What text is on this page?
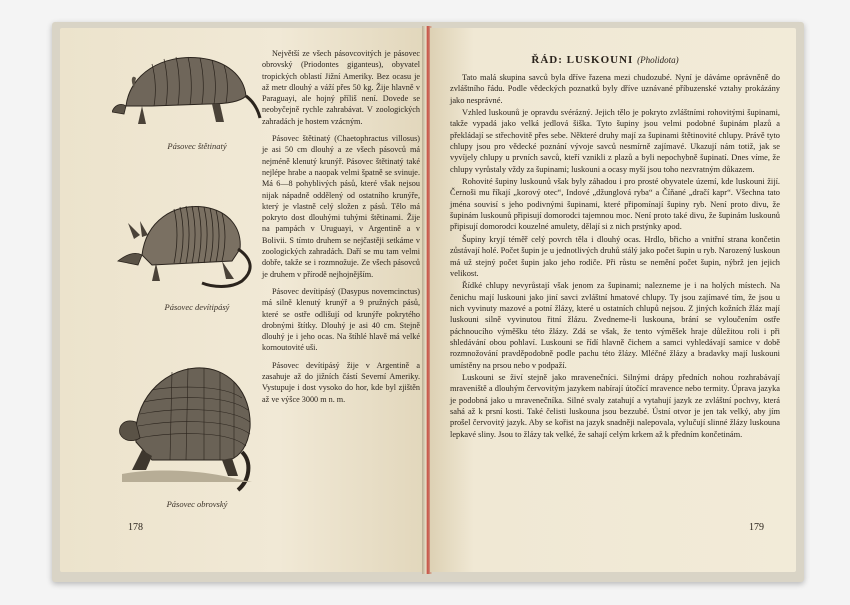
Pásovec štětinatý
Pásovec devítipásý
Pásovec obrovský

Největší ze všech pásovcovitých je pásovec obrovský (Priodontes giganteus), obyvatel tropických oblastí Jižní Ameriky. Bez ocasu je až metr dlouhý a váží přes 50 kg. Žije hlavně v Paraguayi, ale hojný příliš není. Dovede se neobyčejně rychle zahrabávat. V zoologických zahradách je hostem vzácným.

Pásovec štětinatý (Chaetophractus villosus) je asi 50 cm dlouhý a ze všech pásovců má nejméně klenutý krunýř. Pásovec štětinatý také nejlépe hrabe a naopak velmi špatně se svinuje. Má 6—8 pohyblivých pásů, které však nejsou nijak nápadně oddělený od ostatního krunýře, který je vlastně celý složen z pásů. Tělo má pokryto dost dlouhými tuhými štětinami. Žije na pampách v Uruguayi, v Argentině a v Bolivii. S tímto druhem se nejčastěji setkáme v zoologických zahradách. Daří se mu tam velmi dobře, takže se i rozmnožuje. Ze všech pásovců je druhem v přírodě nejhojnějším.

Pásovec devítipásý (Dasypus novemcinctus) má silně klenutý krunýř a 9 pružných pásů, které se ostře odlišují od krunýře pokrytého drobnými štítky. Dlouhý je asi 40 cm. Stejně dlouhý je i jeho ocas. Na štíhlé hlavě má velké kornoutovité uši.

Pásovec devítipásý žije v Argentině a zasahuje až do jižních částí Severní Ameriky. Vystupuje i dost vysoko do hor, kde byl zjištěn až ve výšce 3000 m n. m.

178
ŘÁD: LUSKOUNI (Pholidota)

Tato malá skupina savců byla dříve řazena mezi chudozubé. Nyní je dáváme oprávněně do zvláštního řádu. Podle vědeckých poznatků byly dříve uznávané příbuzenské vztahy prokázány jako nesprávné.

Vzhled luskounů je opravdu svérázný. Jejich tělo je pokryto zvláštními rohovitými šupinami, takže vypadá jako velká jedlová šiška. Tyto šupiny jsou velmi podobné šupinám plazů a překládají se střechovitě přes sebe. Některé druhy mají za šupinami štětinovité chlupy. Právě tyto chlupy jsou pro vědecké poznání vývoje savců nesmírně zajímavé. Ukazují nám totiž, jak se vyvíjely chlupy u prvních savců, kteří vznikli z plazů a byli nepochybně šupinatí. Dnes víme, že chlupy vyrůstaly vždy za šupinami; luskouni a ocasy myší jsou toho nezvratným důkazem.

Rohovité šupiny luskounů však byly záhadou i pro prosté obyvatele území, kde luskouni žijí. Černoši mu říkají „korový otec“, Indové „džunglová ryba“ a Číňané „dračí kapr“. Všechna tato jména souvisí s jeho podivnými šupinami, které připomínají šupiny ryb. Není proto divu, že šupinám luskounů připisují domorodci tajemnou moc. Není proto také divu, že šupinám luskounů připisují domorodci kouzelné amulety, dělají si z nich prstýnky apod.

Šupiny kryjí téměř celý povrch těla i dlouhý ocas. Hrdlo, břicho a vnitřní strana končetin zůstávají holé. Počet šupin je u jednotlivých druhů stálý jako počet šupin u ryb. Narozený luskoun má už stejný počet šupin jako jeho rodiče. Při růstu se nemění počet šupin, nýbrž jen jejich velikost.

Řídké chlupy nevyrůstají však jenom za šupinami; nalezneme je i na holých místech. Na čenichu mají luskouni jako jiní savci zvláštní hmatové chlupy. Ty jsou zajímavé tím, že jsou u nich vyvinuty mazové a potní žlázy, které u ostatních chlupů nejsou. Z jiných kožních žláz mají luskouni silně vyvinutou řitní žlázu. Zvedneme-li luskouna, brání se vyloučením ostře páchnoucího výměšku této žlázy. Zdá se však, že tento výměšek hraje důležitou roli i při shledávání obou pohlaví. Luskouni se řídí hlavně čichem a samci vyhledávají samice v době rozmnožování pravděpodobně podle pachu této žlázy. Mléčné žlázy a bradavky mají luskouni umístěny na prsou nebo v podpaží.

Luskouni se živí stejně jako mravenečníci. Silnými drápy předních nohou rozhrabávají mraveniště a dlouhým červovitým jazykem nabírají útočící mravence nebo termity. Úprava jazyka je podobná jako u mravenečníka. Silné svaly zatahují a vytahují jazyk ze zvláštní pochvy, která sahá až k prsní kosti. Také čelisti luskouna jsou bezzubé. Ústní otvor je jen tak velký, aby jím prošel červovitý jazyk. Aby se kořist na jazyk snadněji nalepovala, vylučují slinné žlázy luskouna lepkavé sliny. Jsou to žlázy tak velké, že sahají celým krkem až k předním končetinám.

179
